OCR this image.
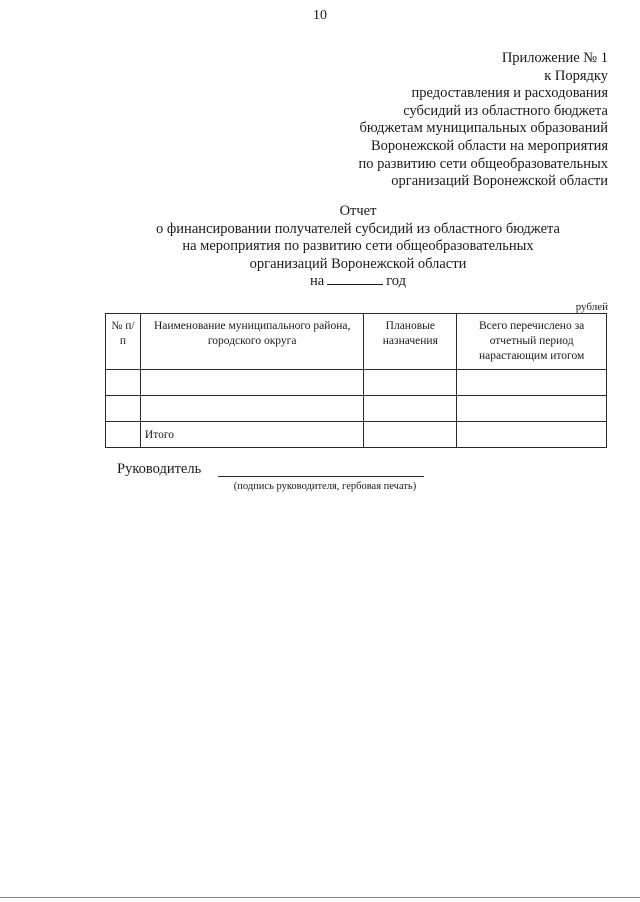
10
Приложение № 1
к Порядку
предоставления и расходования
субсидий из областного бюджета
бюджетам муниципальных образований
Воронежской области на мероприятия
по развитию сети общеобразовательных
организаций Воронежской области
Отчет
о финансировании получателей субсидий из областного бюджета
на мероприятия по развитию сети общеобразовательных
организаций Воронежской области
на	год
рублей
№ п/п	Наименование муниципального района, городского округа	Плановые назначения	Всего перечислено за отчетный период нарастающим итогом

	Итого		
Руководитель
(подпись руководителя, гербовая печать)
